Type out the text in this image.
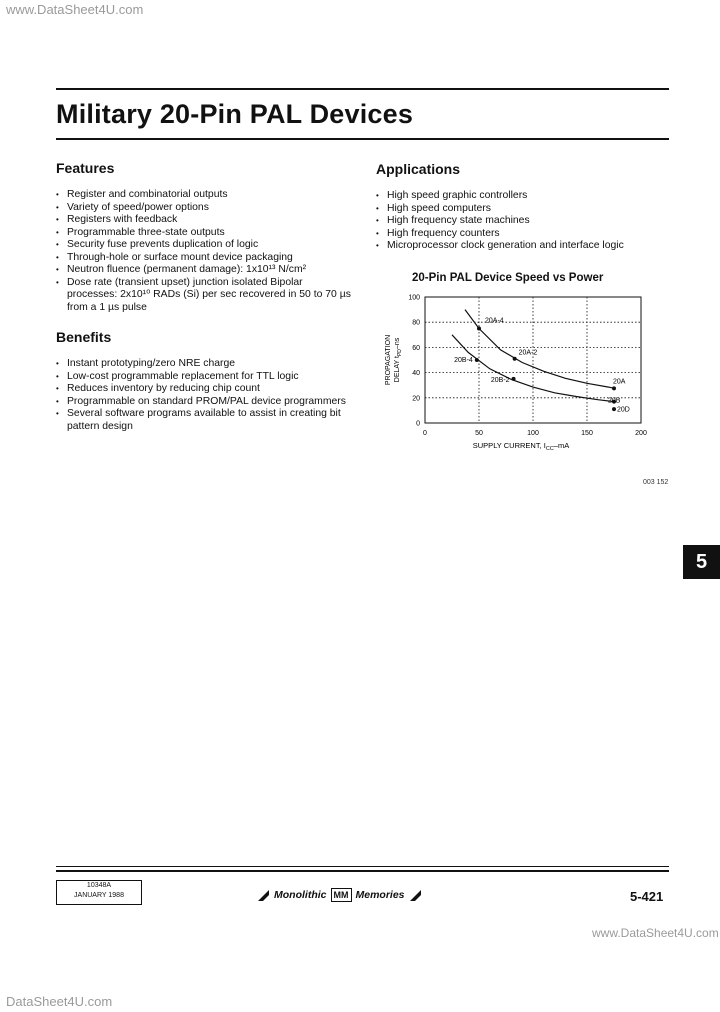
www.DataSheet4U.com
Military 20-Pin PAL Devices
Features
• Register and combinatorial outputs
• Variety of speed/power options
• Registers with feedback
• Programmable three-state outputs
• Security fuse prevents duplication of logic
• Through-hole or surface mount device packaging
• Neutron fluence (permanent damage): 1x10¹³ N/cm²
• Dose rate (transient upset) junction isolated Bipolar processes: 2x10¹⁰ RADs (Si) per sec recovered in 50 to 70 µs from a 1 µs pulse
Benefits
• Instant prototyping/zero NRE charge
• Low-cost programmable replacement for TTL logic
• Reduces inventory by reducing chip count
• Programmable on standard PROM/PAL device programmers
• Several software programs available to assist in creating bit pattern design
Applications
• High speed graphic controllers
• High speed computers
• High frequency state machines
• High frequency counters
• Microprocessor clock generation and interface logic
20-Pin PAL Device Speed vs Power
100
80
60
40
20
0
0	50	100	150	200
20A-4
20A-2
20B-4
20B-2	20A
20B
20D
PROPAGATION DELAY $t_{PD}-ns$
SUPPLY CURRENT, $I_{CC}-mA$
003 152
5
10348A
JANUARY 1988	Monolithic MM Memories	5-421
www.DataSheet4U.com
DataSheet4U.com
